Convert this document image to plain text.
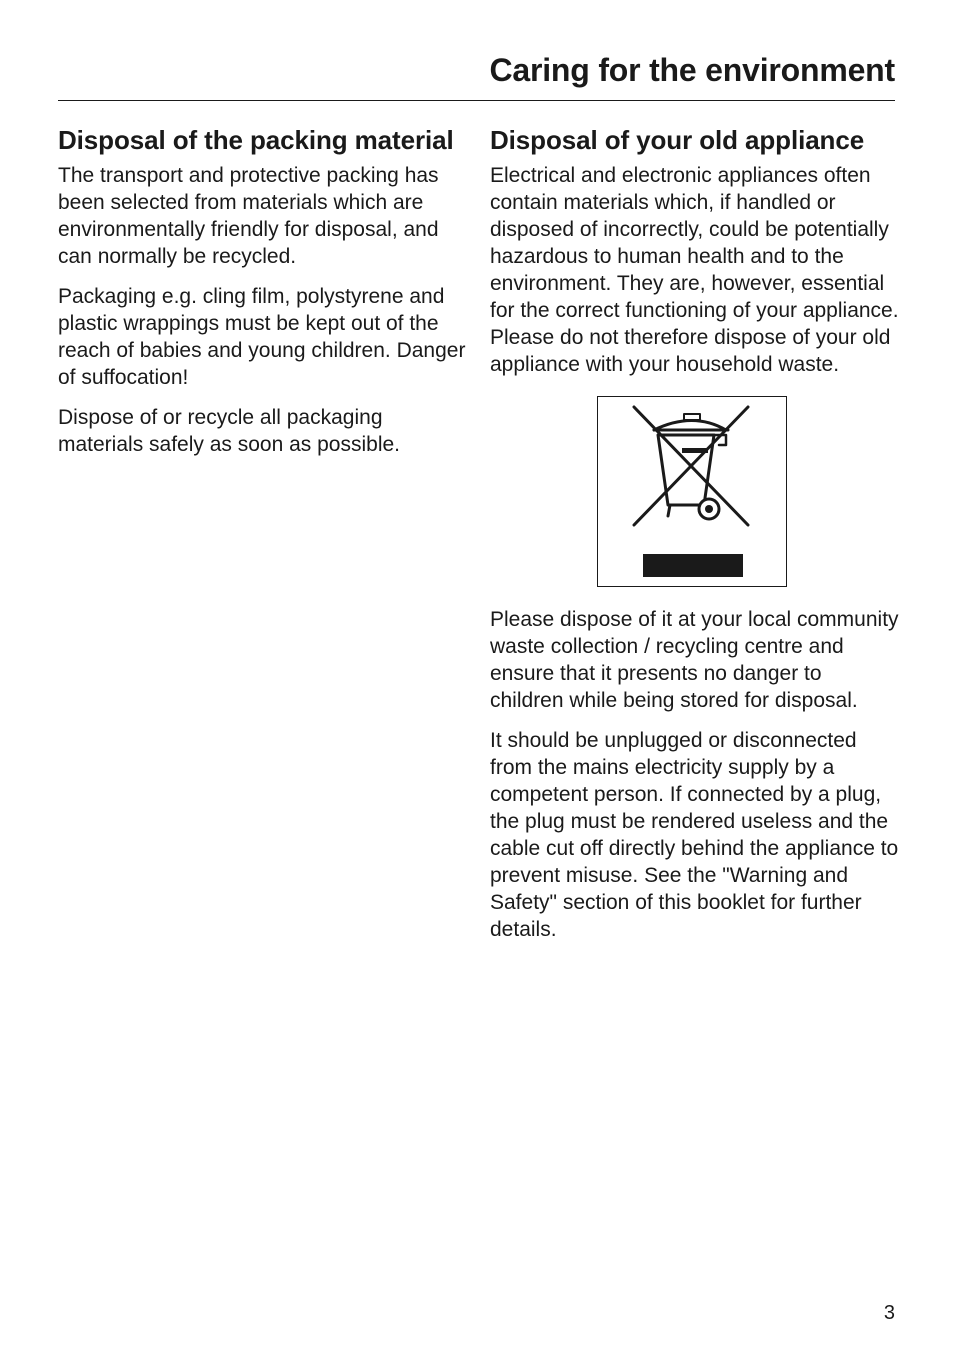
Caring for the environment
Disposal of the packing material

The transport and protective packing has been selected from materials which are environmentally friendly for disposal, and can normally be recycled.

Packaging e.g. cling film, polystyrene and plastic wrappings must be kept out of the reach of babies and young children. Danger of suffocation!

Dispose of or recycle all packaging materials safely as soon as possible.

Disposal of your old appliance

Electrical and electronic appliances often contain materials which, if handled or disposed of incorrectly, could be potentially hazardous to human health and to the environment. They are, however, essential for the correct functioning of your appliance. Please do not therefore dispose of your old appliance with your household waste.

Please dispose of it at your local community waste collection / recycling centre and ensure that it presents no danger to children while being stored for disposal.

It should be unplugged or disconnected from the mains electricity supply by a competent person. If connected by a plug, the plug must be rendered useless and the cable cut off directly behind the appliance to prevent misuse. See the "Warning and Safety" section of this booklet for further details.

3
